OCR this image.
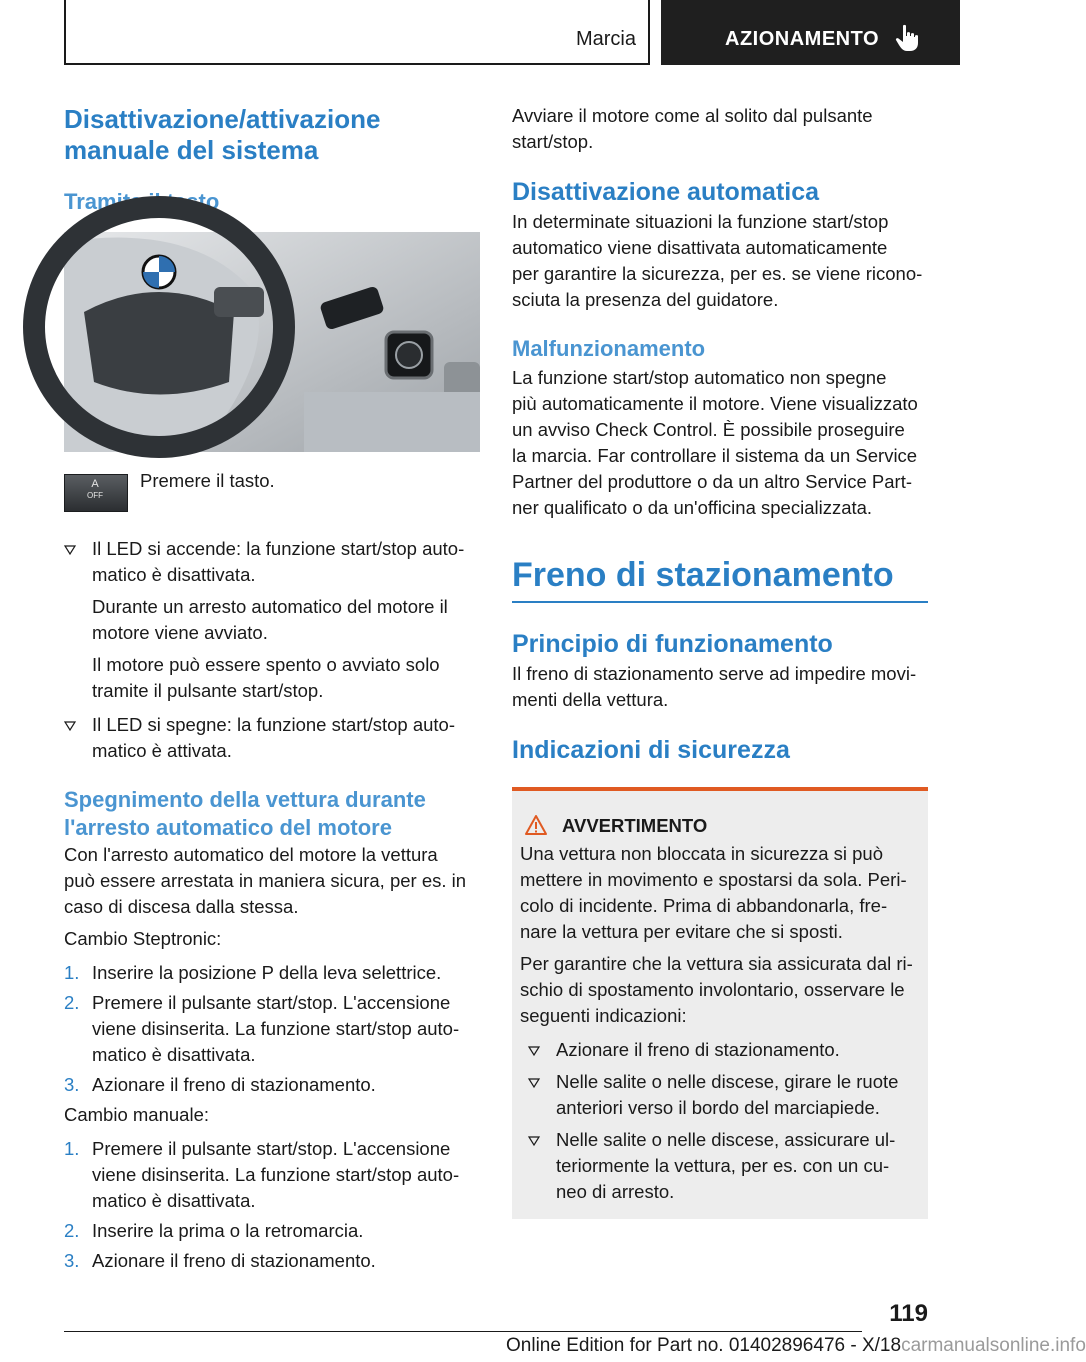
Marcia	AZIONAMENTO
Disattivazione/attivazione manuale del sistema
Tramite il tasto
A
OFF
Premere il tasto.
Il LED si accende: la funzione start/stop auto-
matico è disattivata.
Durante un arresto automatico del motore il
motore viene avviato.
Il motore può essere spento o avviato solo
tramite il pulsante start/stop.
Il LED si spegne: la funzione start/stop auto-
matico è attivata.
Spegnimento della vettura durante
l'arresto automatico del motore
Con l'arresto automatico del motore la vettura
può essere arrestata in maniera sicura, per es. in
caso di discesa dalla stessa.
Cambio Steptronic:
1. Inserire la posizione P della leva selettrice.
2. Premere il pulsante start/stop. L'accensione
viene disinserita. La funzione start/stop auto-
matico è disattivata.
3. Azionare il freno di stazionamento.
Cambio manuale:
1. Premere il pulsante start/stop. L'accensione
viene disinserita. La funzione start/stop auto-
matico è disattivata.
2. Inserire la prima o la retromarcia.
3. Azionare il freno di stazionamento.
Avviare il motore come al solito dal pulsante
start/stop.
Disattivazione automatica
In determinate situazioni la funzione start/stop
automatico viene disattivata automaticamente
per garantire la sicurezza, per es. se viene ricono-
sciuta la presenza del guidatore.
Malfunzionamento
La funzione start/stop automatico non spegne
più automaticamente il motore. Viene visualizzato
un avviso Check Control. È possibile proseguire
la marcia. Far controllare il sistema da un Service
Partner del produttore o da un altro Service Part-
ner qualificato o da un'officina specializzata.
Freno di stazionamento
Principio di funzionamento
Il freno di stazionamento serve ad impedire movi-
menti della vettura.
Indicazioni di sicurezza
AVVERTIMENTO
Una vettura non bloccata in sicurezza si può
mettere in movimento e spostarsi da sola. Peri-
colo di incidente. Prima di abbandonarla, fre-
nare la vettura per evitare che si sposti.
Per garantire che la vettura sia assicurata dal ri-
schio di spostamento involontario, osservare le
seguenti indicazioni:
Azionare il freno di stazionamento.
Nelle salite o nelle discese, girare le ruote
anteriori verso il bordo del marciapiede.
Nelle salite o nelle discese, assicurare ul-
teriormente la vettura, per es. con un cu-
neo di arresto.
119
Online Edition for Part no. 01402896476 - X/18carmanualsonline.info
